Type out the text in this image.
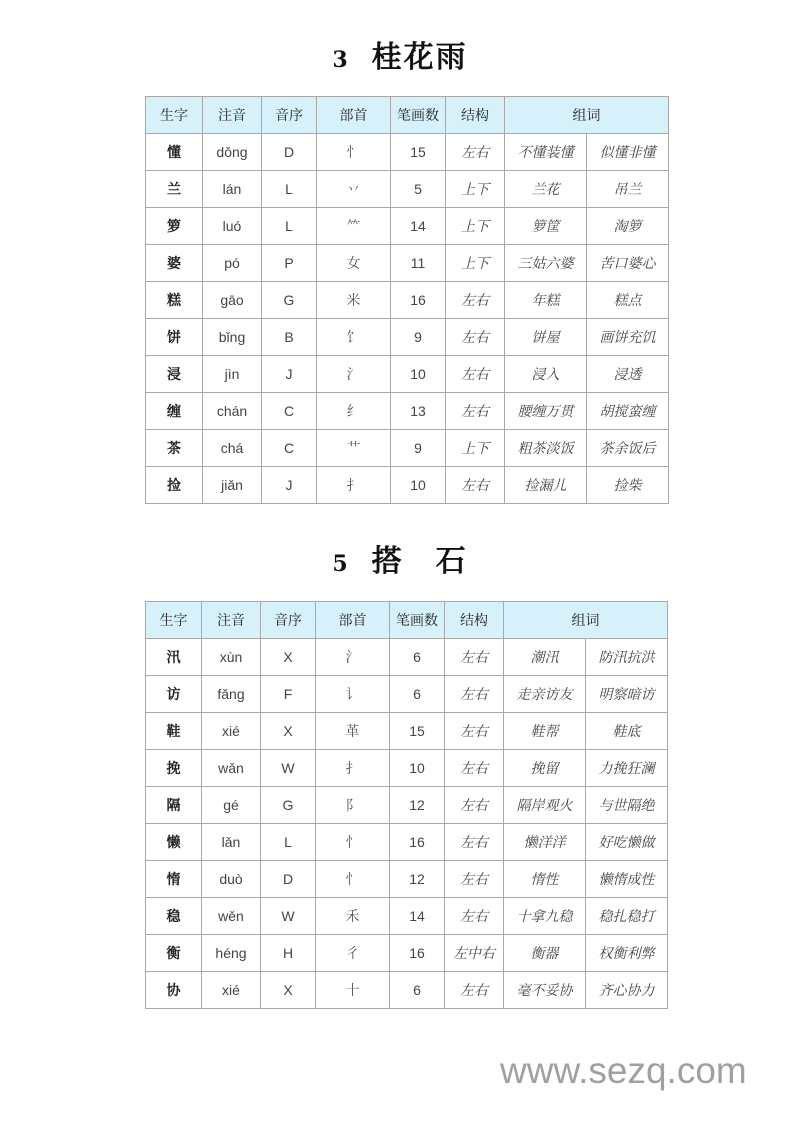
3 桂花雨
生字	注音	音序	部首	笔画数	结构	组词	
懂	dǒng	D	忄	15	左右	不懂装懂	似懂非懂
兰	lán	L	丷	5	上下	兰花	吊兰
箩	luó	L	⺮	14	上下	箩筐	淘箩
婆	pó	P	女	11	上下	三姑六婆	苦口婆心
糕	gāo	G	米	16	左右	年糕	糕点
饼	bǐng	B	饣	9	左右	饼屋	画饼充饥
浸	jìn	J	氵	10	左右	浸入	浸透
缠	chán	C	纟	13	左右	腰缠万贯	胡搅蛮缠
茶	chá	C	艹	9	上下	粗茶淡饭	茶余饭后
捡	jiǎn	J	扌	10	左右	捡漏儿	捡柴
5 搭　石
生字	注音	音序	部首	笔画数	结构	组词	
汛	xùn	X	氵	6	左右	潮汛	防汛抗洪
访	fǎng	F	讠	6	左右	走亲访友	明察暗访
鞋	xié	X	革	15	左右	鞋帮	鞋底
挽	wǎn	W	扌	10	左右	挽留	力挽狂澜
隔	gé	G	阝	12	左右	隔岸观火	与世隔绝
懒	lǎn	L	忄	16	左右	懒洋洋	好吃懒做
惰	duò	D	忄	12	左右	惰性	懒惰成性
稳	wěn	W	禾	14	左右	十拿九稳	稳扎稳打
衡	héng	H	彳	16	左中右	衡器	权衡利弊
协	xié	X	十	6	左右	毫不妥协	齐心协力
www.sezq.com
